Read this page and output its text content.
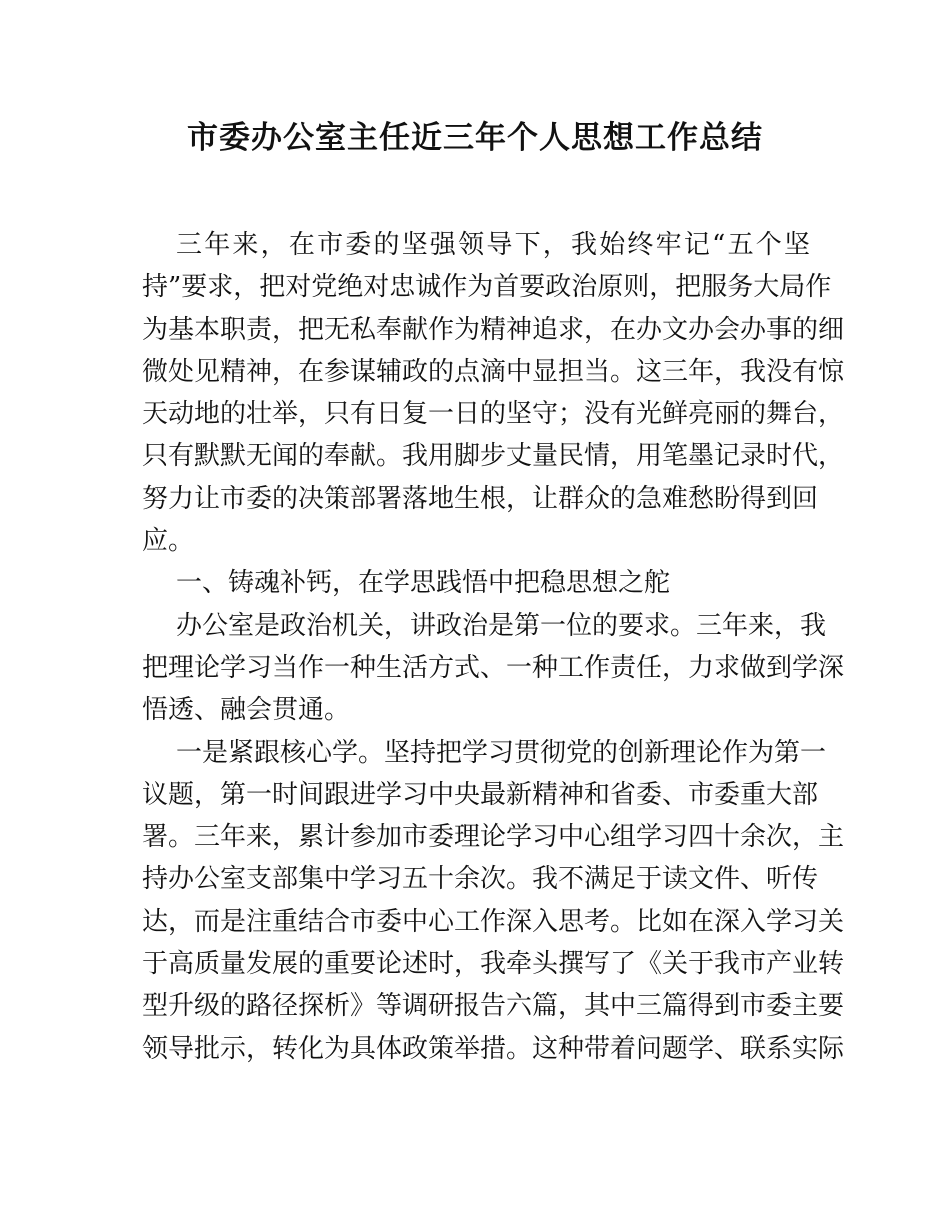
市委办公室主任近三年个人思想工作总结
三年来，在市委的坚强领导下，我始终牢记“五个坚
持”要求，把对党绝对忠诚作为首要政治原则，把服务大局作
为基本职责，把无私奉献作为精神追求，在办文办会办事的细
微处见精神，在参谋辅政的点滴中显担当。这三年，我没有惊
天动地的壮举，只有日复一日的坚守；没有光鲜亮丽的舞台，
只有默默无闻的奉献。我用脚步丈量民情，用笔墨记录时代，
努力让市委的决策部署落地生根，让群众的急难愁盼得到回
应。
一、铸魂补钙，在学思践悟中把稳思想之舵
办公室是政治机关，讲政治是第一位的要求。三年来，我
把理论学习当作一种生活方式、一种工作责任，力求做到学深
悟透、融会贯通。
一是紧跟核心学。坚持把学习贯彻党的创新理论作为第一
议题，第一时间跟进学习中央最新精神和省委、市委重大部
署。三年来，累计参加市委理论学习中心组学习四十余次，主
持办公室支部集中学习五十余次。我不满足于读文件、听传
达，而是注重结合市委中心工作深入思考。比如在深入学习关
于高质量发展的重要论述时，我牵头撰写了《关于我市产业转
型升级的路径探析》等调研报告六篇，其中三篇得到市委主要
领导批示，转化为具体政策举措。这种带着问题学、联系实际
